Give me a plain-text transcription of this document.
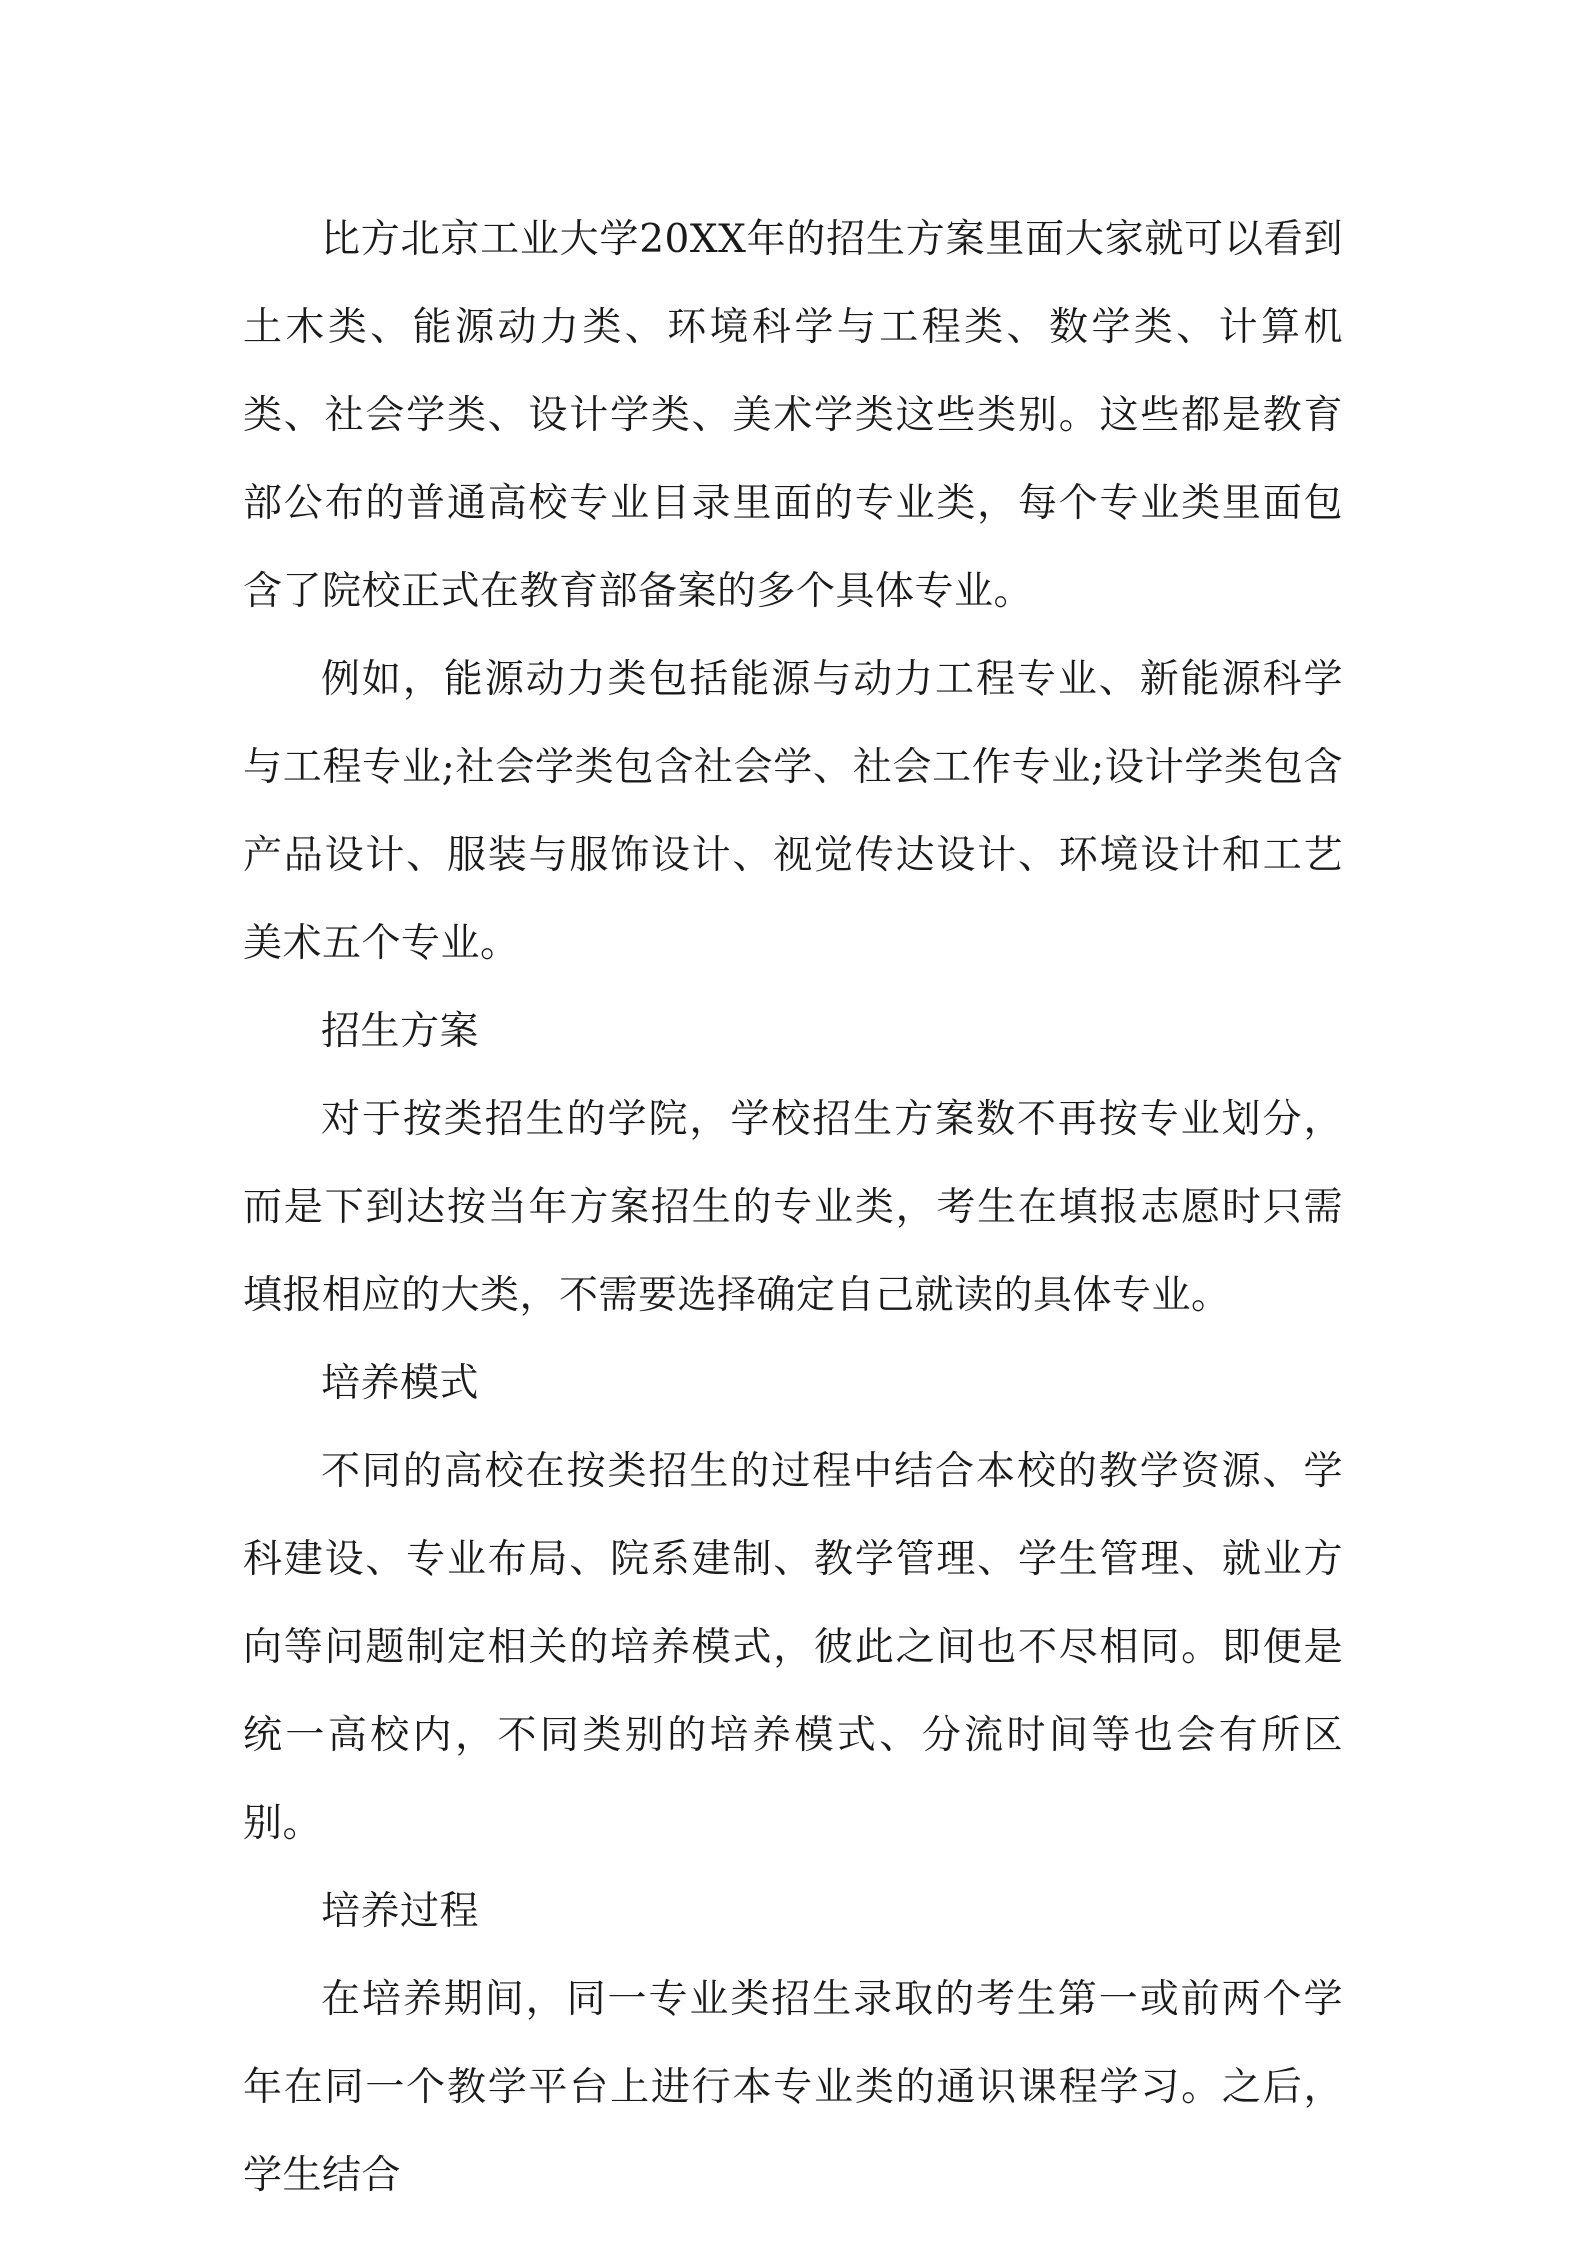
比方北京工业大学20XX年的招生方案里面大家就可以看到土木类、能源动力类、环境科学与工程类、数学类、计算机类、社会学类、设计学类、美术学类这些类别。这些都是教育部公布的普通高校专业目录里面的专业类，每个专业类里面包含了院校正式在教育部备案的多个具体专业。

例如，能源动力类包括能源与动力工程专业、新能源科学与工程专业;社会学类包含社会学、社会工作专业;设计学类包含产品设计、服装与服饰设计、视觉传达设计、环境设计和工艺美术五个专业。

招生方案

对于按类招生的学院，学校招生方案数不再按专业划分，而是下到达按当年方案招生的专业类，考生在填报志愿时只需填报相应的大类，不需要选择确定自己就读的具体专业。

培养模式

不同的高校在按类招生的过程中结合本校的教学资源、学科建设、专业布局、院系建制、教学管理、学生管理、就业方向等问题制定相关的培养模式，彼此之间也不尽相同。即便是统一高校内，不同类别的培养模式、分流时间等也会有所区别。

培养过程

在培养期间，同一专业类招生录取的考生第一或前两个学年在同一个教学平台上进行本专业类的通识课程学习。之后，学生结合
